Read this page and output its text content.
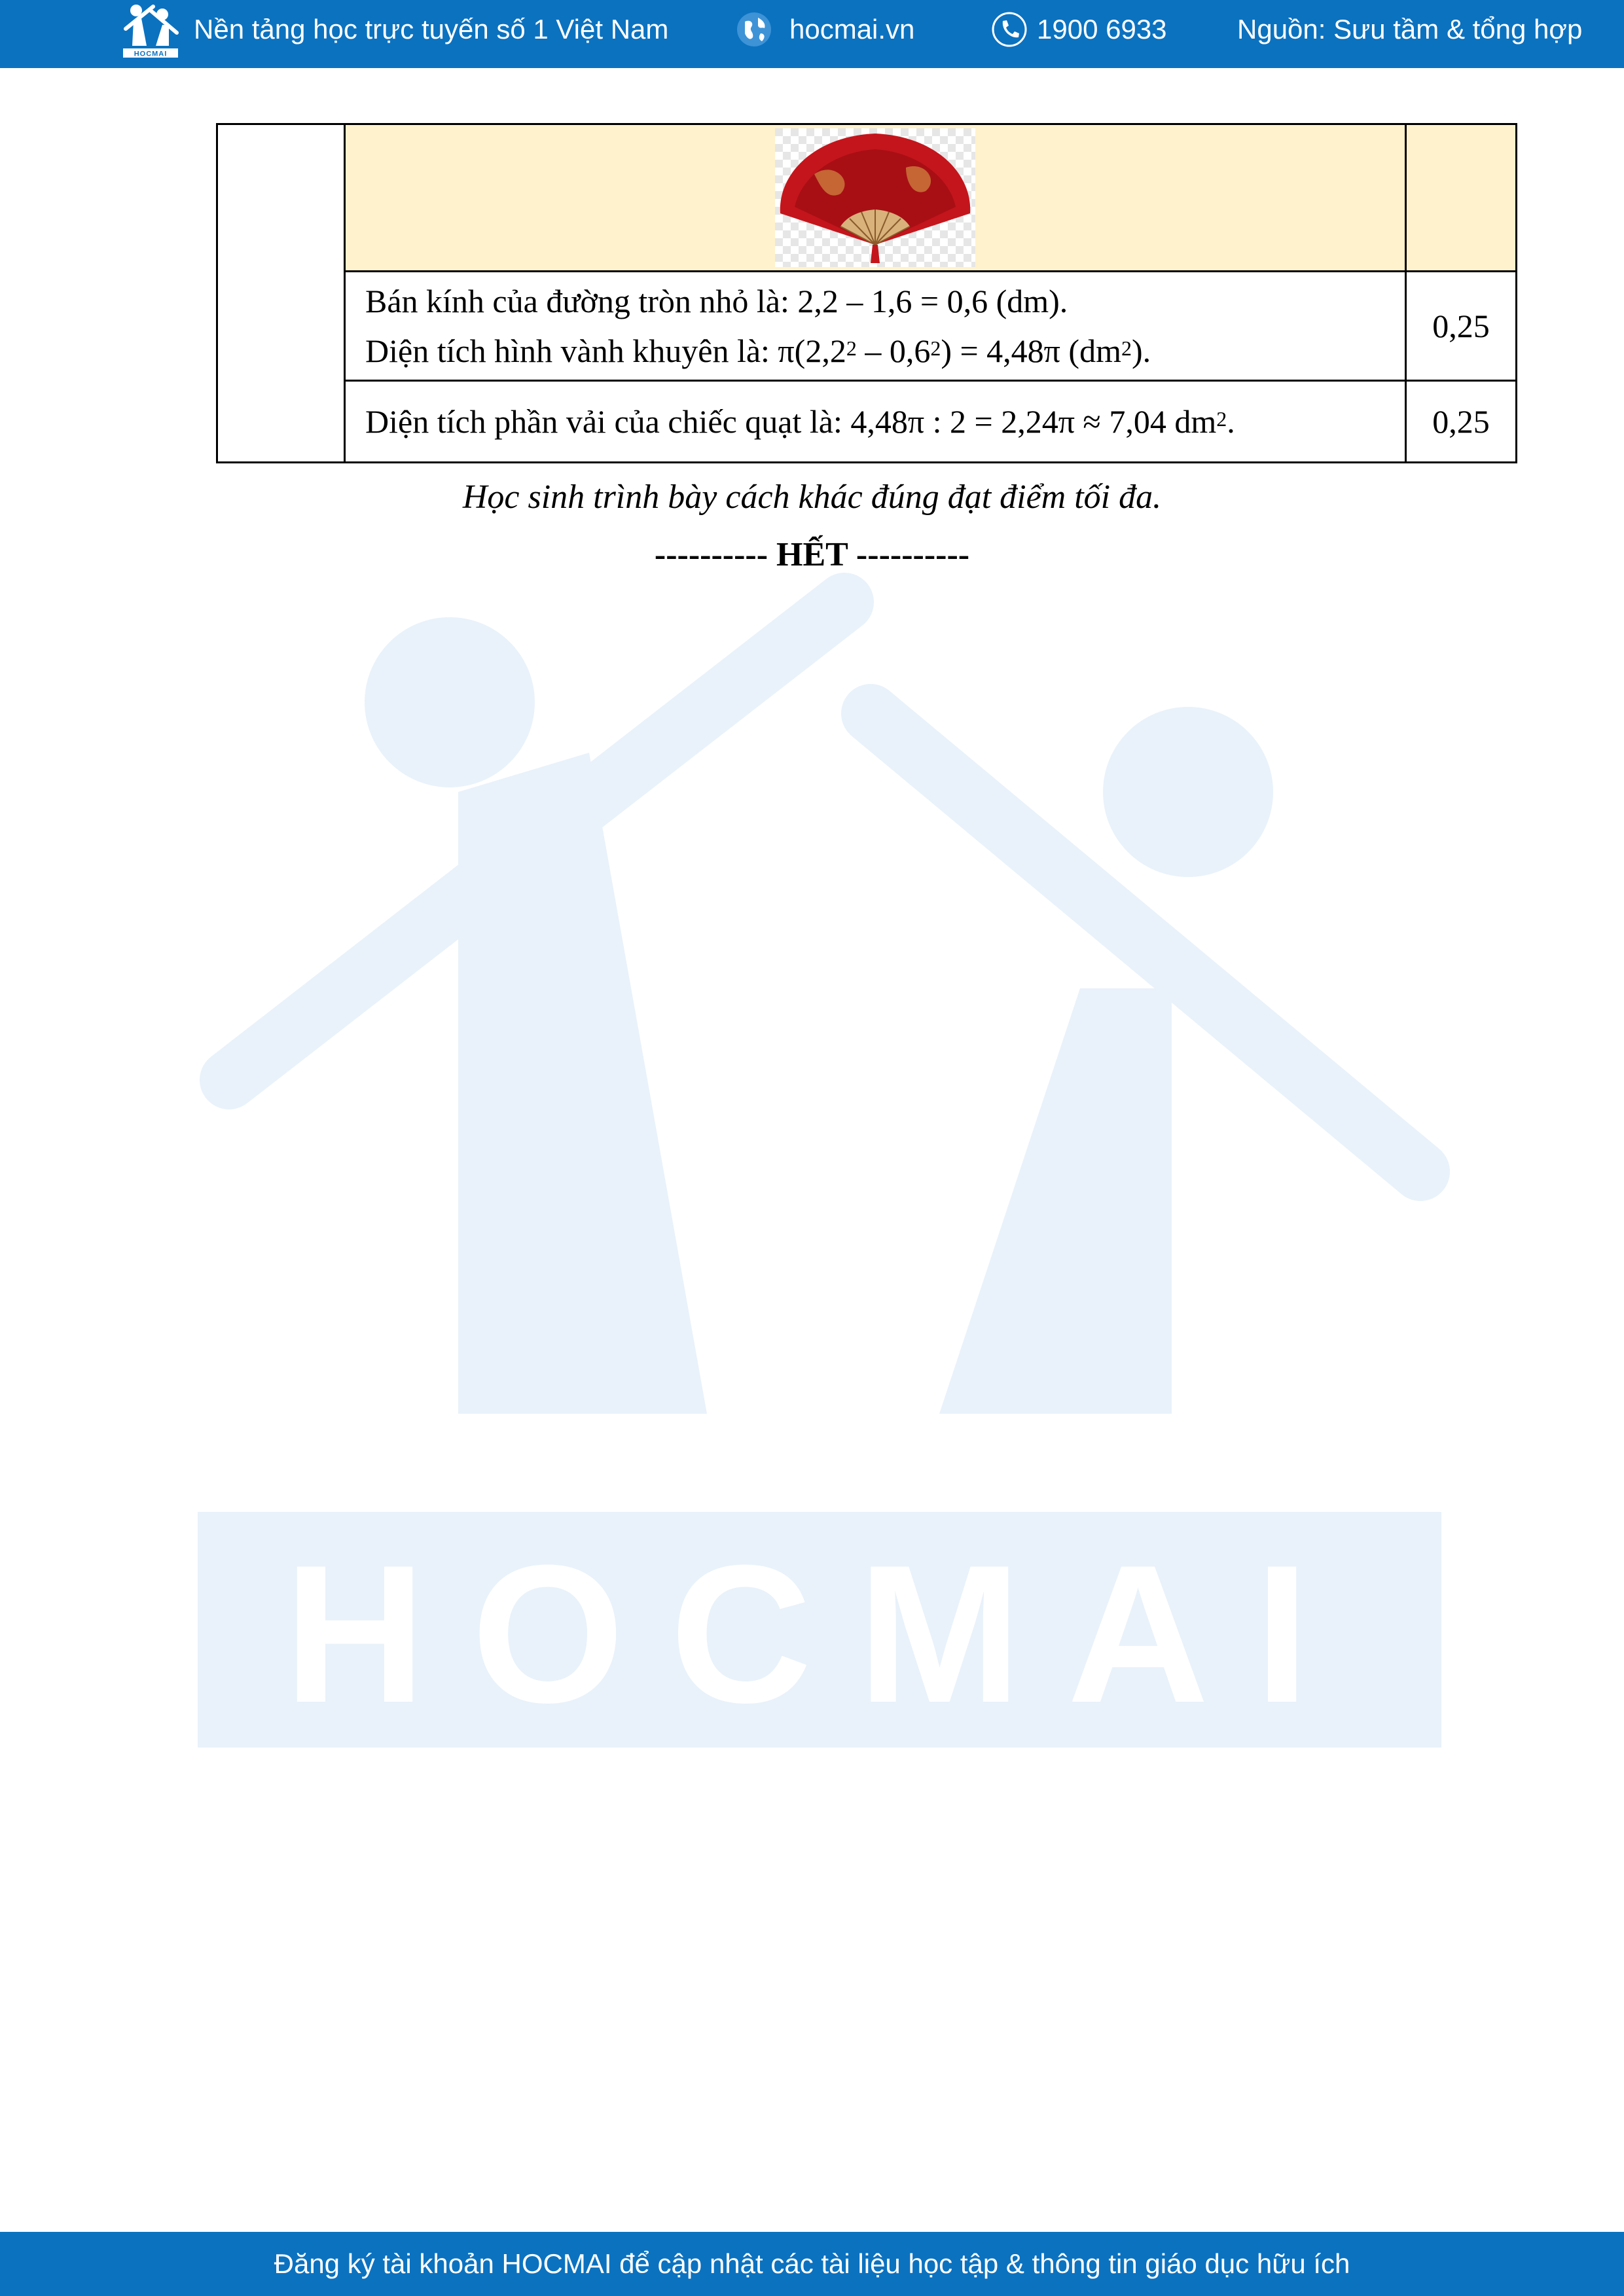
HOCMAI
HOCMAI
Nền tảng học trực tuyến số 1 Việt Nam	hocmai.vn	1900 6933	Nguồn: Sưu tầm & tổng hợp

	Bán kính của đường tròn nhỏ là: 2,2 – 1,6 = 0,6 (dm).
Diện tích hình vành khuyên là: $\pi(2,2^2 - 0,6^2) = 4,48\pi$ $(dm^2)$.	0,25
	Diện tích phần vải của chiếc quạt là: 4,48π : 2 = 2,24π ≈ 7,04 $dm^2$.	0,25
Học sinh trình bày cách khác đúng đạt điểm tối đa.
---------- HẾT ----------
Đăng ký tài khoản HOCMAI để cập nhật các tài liệu học tập & thông tin giáo dục hữu ích
